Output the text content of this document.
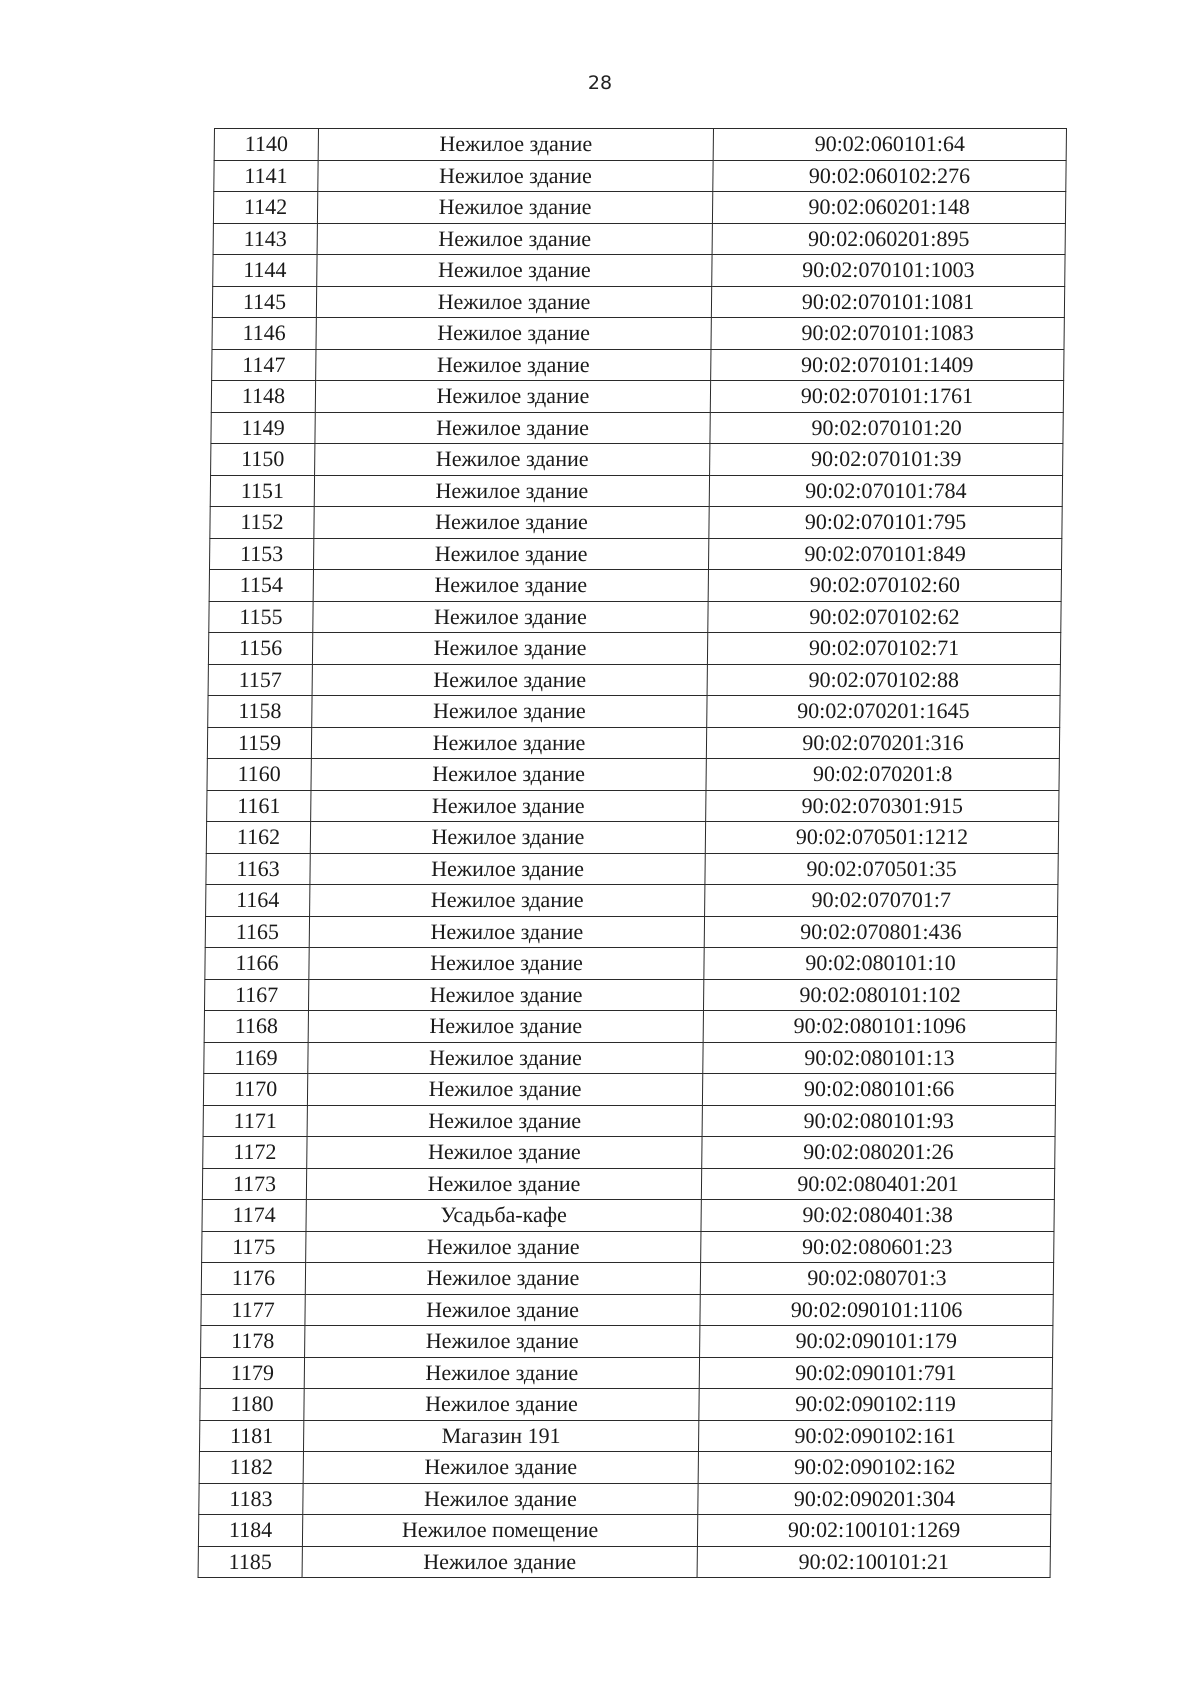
28
1140	Нежилое здание	90:02:060101:64
1141	Нежилое здание	90:02:060102:276
1142	Нежилое здание	90:02:060201:148
1143	Нежилое здание	90:02:060201:895
1144	Нежилое здание	90:02:070101:1003
1145	Нежилое здание	90:02:070101:1081
1146	Нежилое здание	90:02:070101:1083
1147	Нежилое здание	90:02:070101:1409
1148	Нежилое здание	90:02:070101:1761
1149	Нежилое здание	90:02:070101:20
1150	Нежилое здание	90:02:070101:39
1151	Нежилое здание	90:02:070101:784
1152	Нежилое здание	90:02:070101:795
1153	Нежилое здание	90:02:070101:849
1154	Нежилое здание	90:02:070102:60
1155	Нежилое здание	90:02:070102:62
1156	Нежилое здание	90:02:070102:71
1157	Нежилое здание	90:02:070102:88
1158	Нежилое здание	90:02:070201:1645
1159	Нежилое здание	90:02:070201:316
1160	Нежилое здание	90:02:070201:8
1161	Нежилое здание	90:02:070301:915
1162	Нежилое здание	90:02:070501:1212
1163	Нежилое здание	90:02:070501:35
1164	Нежилое здание	90:02:070701:7
1165	Нежилое здание	90:02:070801:436
1166	Нежилое здание	90:02:080101:10
1167	Нежилое здание	90:02:080101:102
1168	Нежилое здание	90:02:080101:1096
1169	Нежилое здание	90:02:080101:13
1170	Нежилое здание	90:02:080101:66
1171	Нежилое здание	90:02:080101:93
1172	Нежилое здание	90:02:080201:26
1173	Нежилое здание	90:02:080401:201
1174	Усадьба-кафе	90:02:080401:38
1175	Нежилое здание	90:02:080601:23
1176	Нежилое здание	90:02:080701:3
1177	Нежилое здание	90:02:090101:1106
1178	Нежилое здание	90:02:090101:179
1179	Нежилое здание	90:02:090101:791
1180	Нежилое здание	90:02:090102:119
1181	Магазин 191	90:02:090102:161
1182	Нежилое здание	90:02:090102:162
1183	Нежилое здание	90:02:090201:304
1184	Нежилое помещение	90:02:100101:1269
1185	Нежилое здание	90:02:100101:21
